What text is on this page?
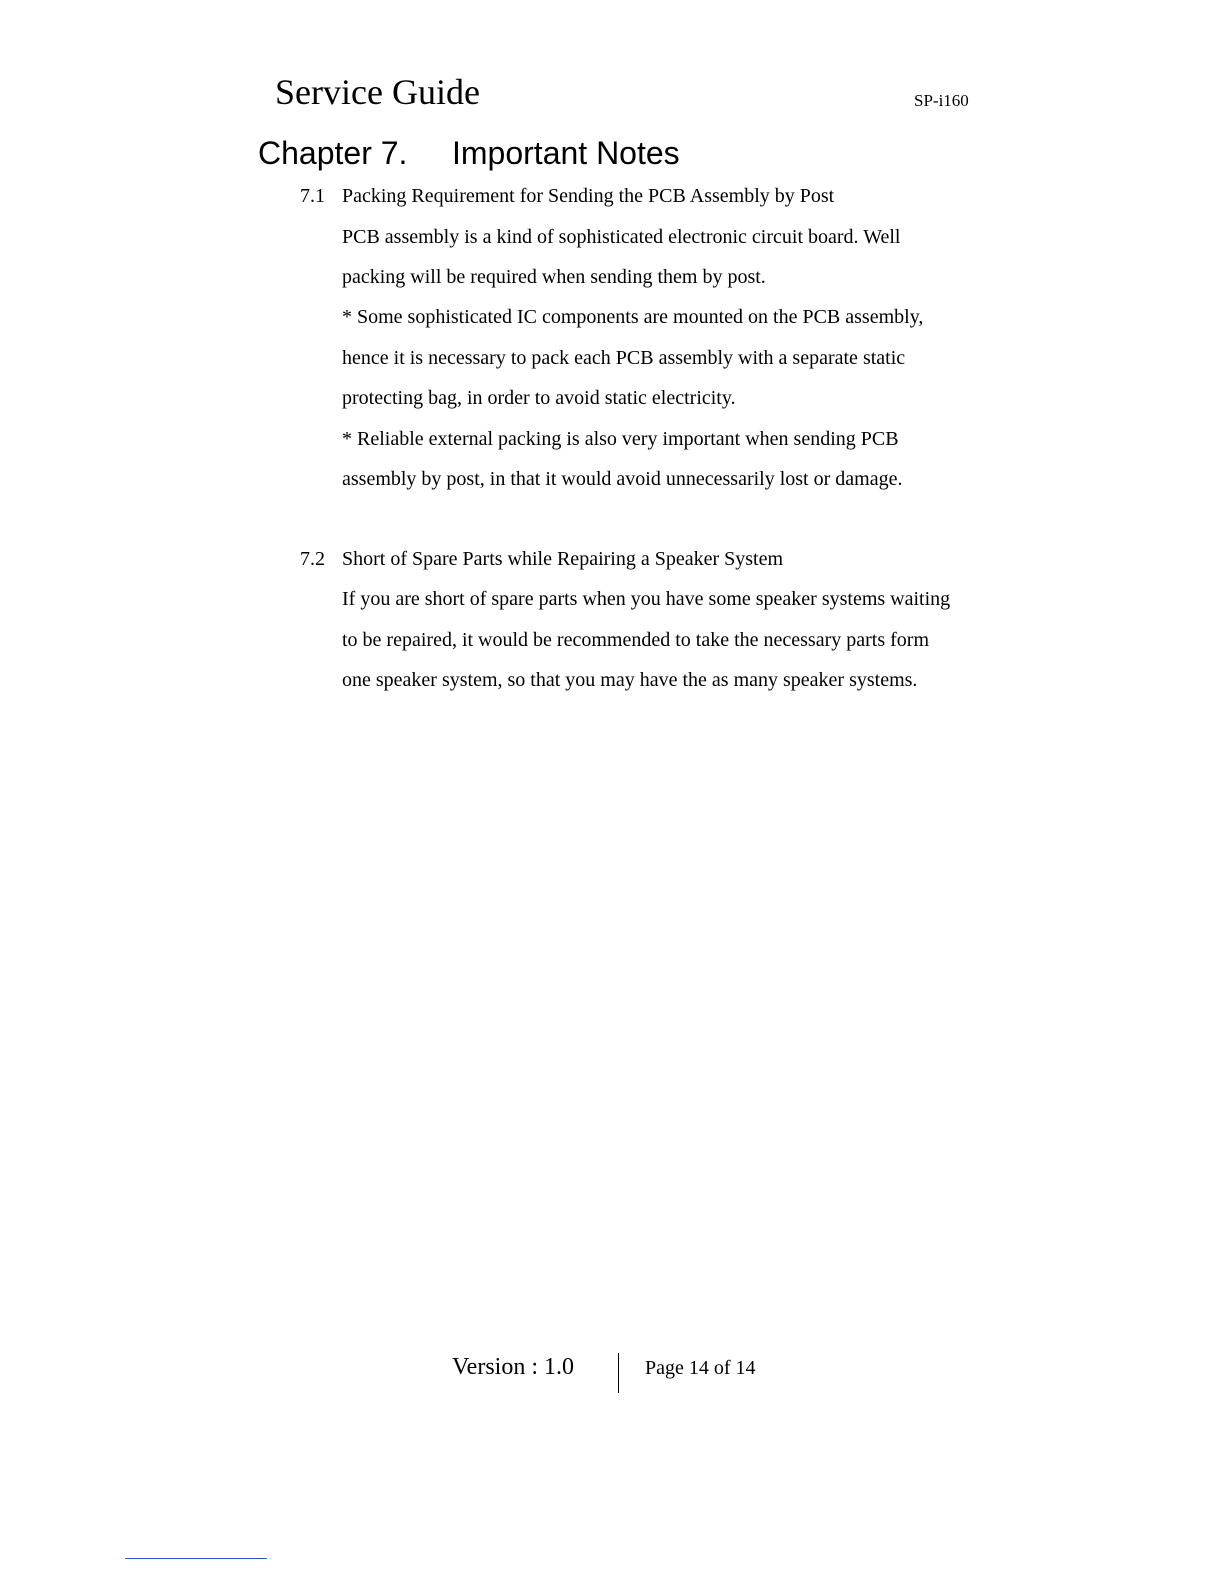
Service Guide	SP-i160
Chapter 7. Important Notes
7.1 Packing Requirement for Sending the PCB Assembly by Post
PCB assembly is a kind of sophisticated electronic circuit board. Well
packing will be required when sending them by post.
* Some sophisticated IC components are mounted on the PCB assembly,
hence it is necessary to pack each PCB assembly with a separate static
protecting bag, in order to avoid static electricity.
* Reliable external packing is also very important when sending PCB
assembly by post, in that it would avoid unnecessarily lost or damage.
7.2 Short of Spare Parts while Repairing a Speaker System
If you are short of spare parts when you have some speaker systems waiting
to be repaired, it would be recommended to take the necessary parts form
one speaker system, so that you may have the as many speaker systems.
Version : 1.0	Page 14 of 14
